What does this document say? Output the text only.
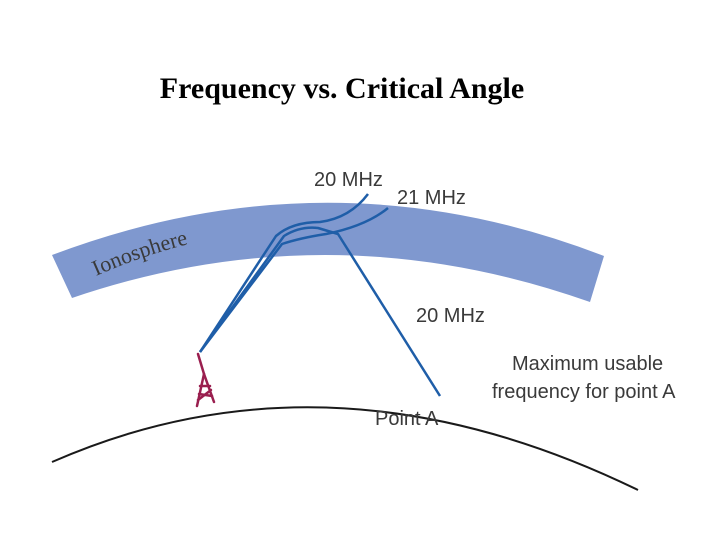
Frequency vs. Critical Angle
Ionosphere
20 MHz
21 MHz
20 MHz
Maximum usable
frequency for point A
Point A
